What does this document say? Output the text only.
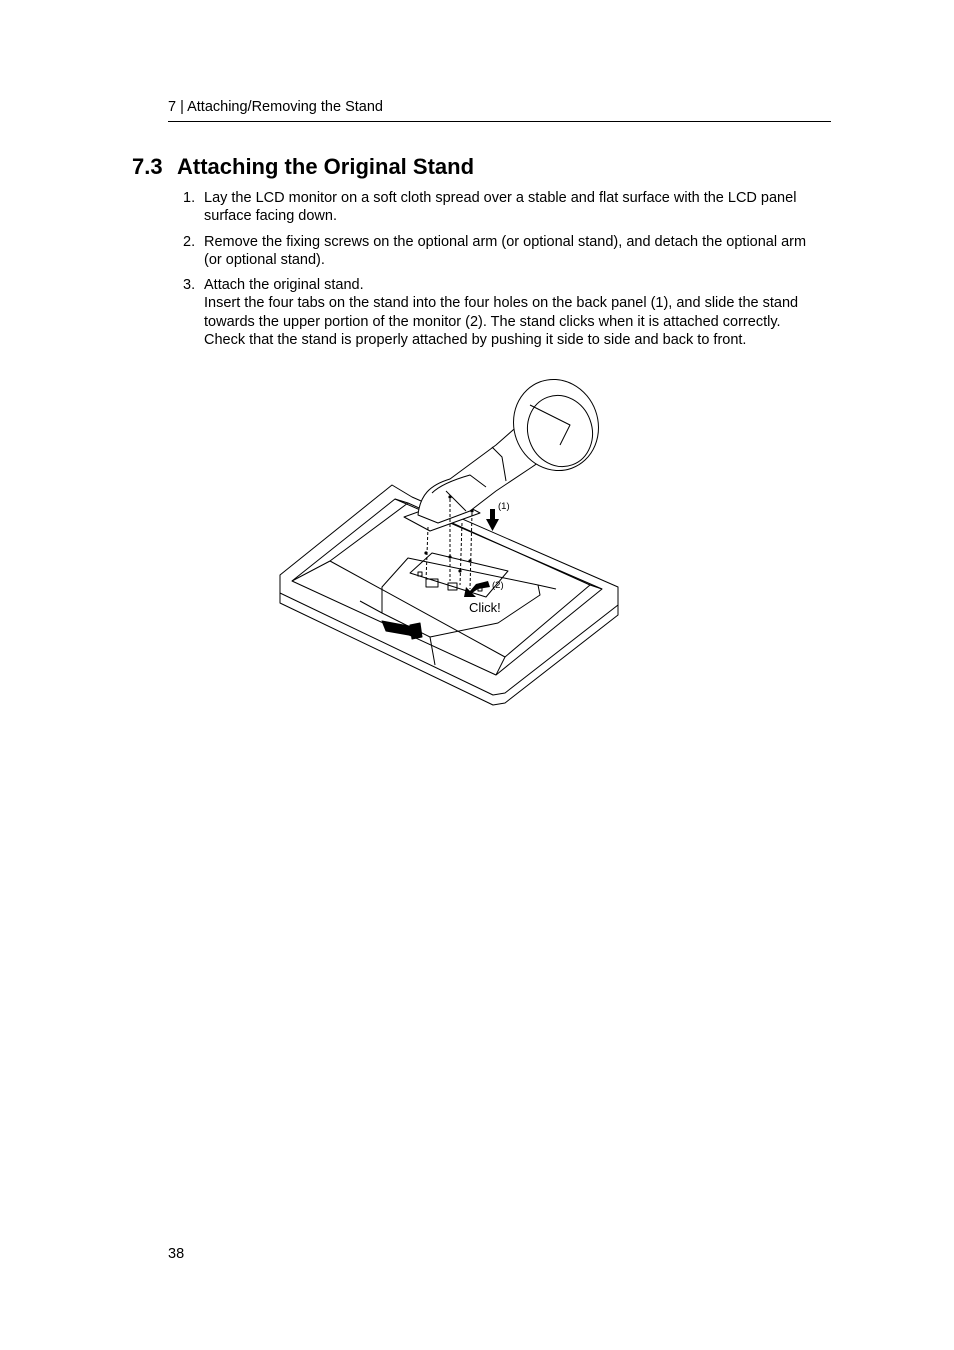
7 | Attaching/Removing the Stand
7.3 Attaching the Original Stand
1. Lay the LCD monitor on a soft cloth spread over a stable and flat surface with the LCD panel surface facing down.
2. Remove the fixing screws on the optional arm (or optional stand), and detach the optional arm (or optional stand).
3. Attach the original stand.
Insert the four tabs on the stand into the four holes on the back panel (1), and slide the stand towards the upper portion of the monitor (2). The stand clicks when it is attached correctly. Check that the stand is properly attached by pushing it side to side and back to front.
(1)
(2)
Click!
38
